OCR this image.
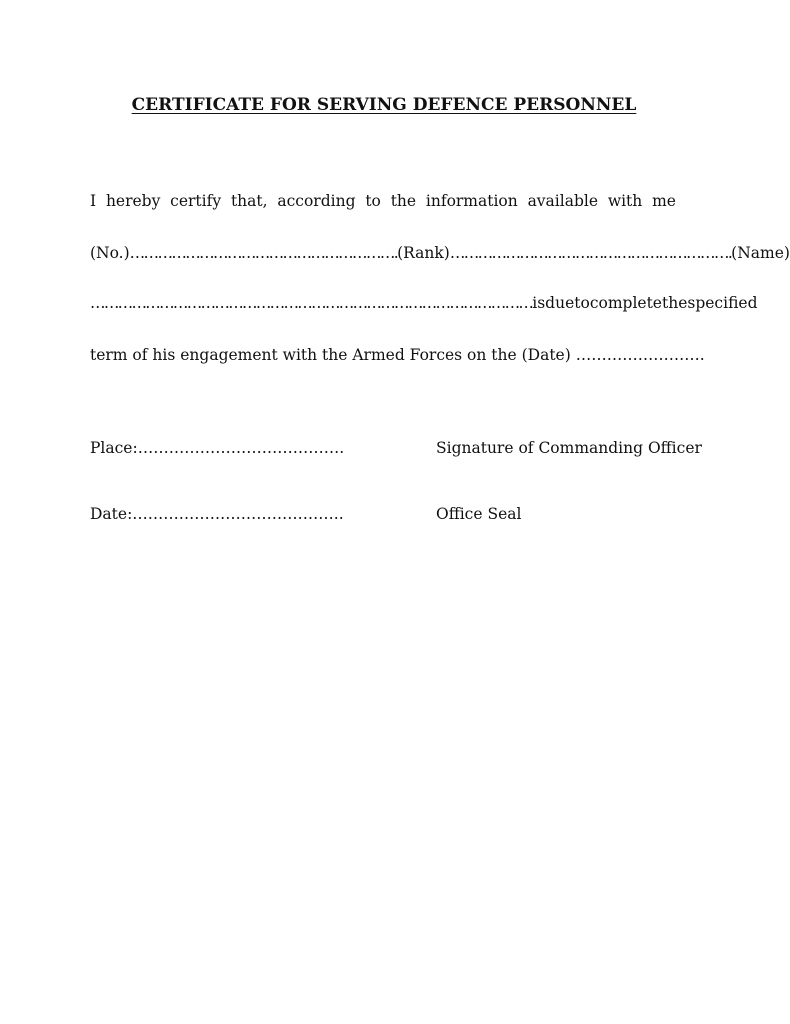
CERTIFICATE FOR SERVING DEFENCE PERSONNEL
I hereby certify that, according to the information available with me
(No.)…………………………………………………. (Rank)……………………………………………………. (Name)
…………………………………………………………………………………… is due to complete the specified
term of his engagement with the Armed Forces on the (Date) …………………….
Place:………………………………….	Signature of Commanding Officer
Date:…………………………………..	Office Seal
